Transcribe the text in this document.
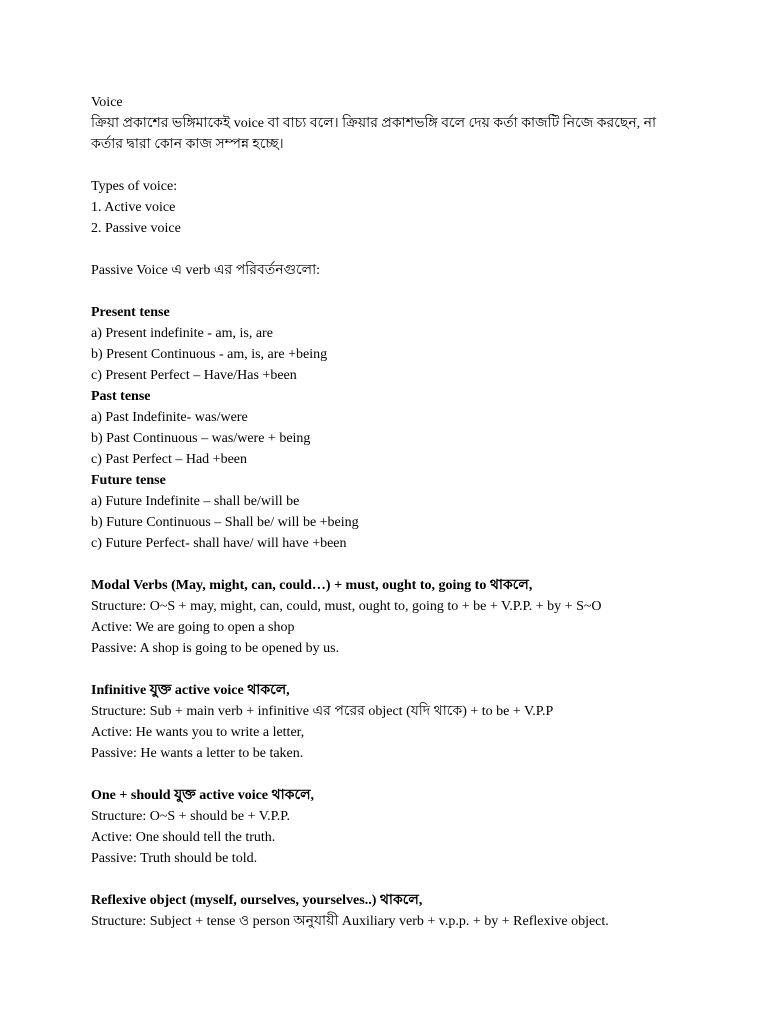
Voice
ক্রিয়া প্রকাশের ভঙ্গিমাকেই voice বা বাচ্য বলে। ক্রিয়ার প্রকাশভঙ্গি বলে দেয় কর্তা কাজটি নিজে করছেন, না কর্তার দ্বারা কোন কাজ সম্পন্ন হচ্ছে।
Types of voice:
1. Active voice
2. Passive voice
Passive Voice এ verb এর পরিবর্তনগুলো:
Present tense
a) Present indefinite - am, is, are
b) Present Continuous - am, is, are +being
c) Present Perfect – Have/Has +been
Past tense
a) Past Indefinite- was/were
b) Past Continuous – was/were + being
c) Past Perfect – Had +been
Future tense
a) Future Indefinite – shall be/will be
b) Future Continuous – Shall be/ will be +being
c) Future Perfect- shall have/ will have +been
Modal Verbs (May, might, can, could…) + must, ought to, going to থাকলে,
Structure: O~S + may, might, can, could, must, ought to, going to + be + V.P.P. + by + S~O
Active: We are going to open a shop
Passive: A shop is going to be opened by us.
Infinitive যুক্ত active voice থাকলে,
Structure: Sub + main verb + infinitive এর পরের object (যদি থাকে) + to be + V.P.P
Active: He wants you to write a letter,
Passive: He wants a letter to be taken.
One + should যুক্ত active voice থাকলে,
Structure: O~S + should be + V.P.P.
Active: One should tell the truth.
Passive: Truth should be told.
Reflexive object (myself, ourselves, yourselves..) থাকলে,
Structure: Subject + tense ও person অনুযায়ী Auxiliary verb + v.p.p. + by + Reflexive object.
